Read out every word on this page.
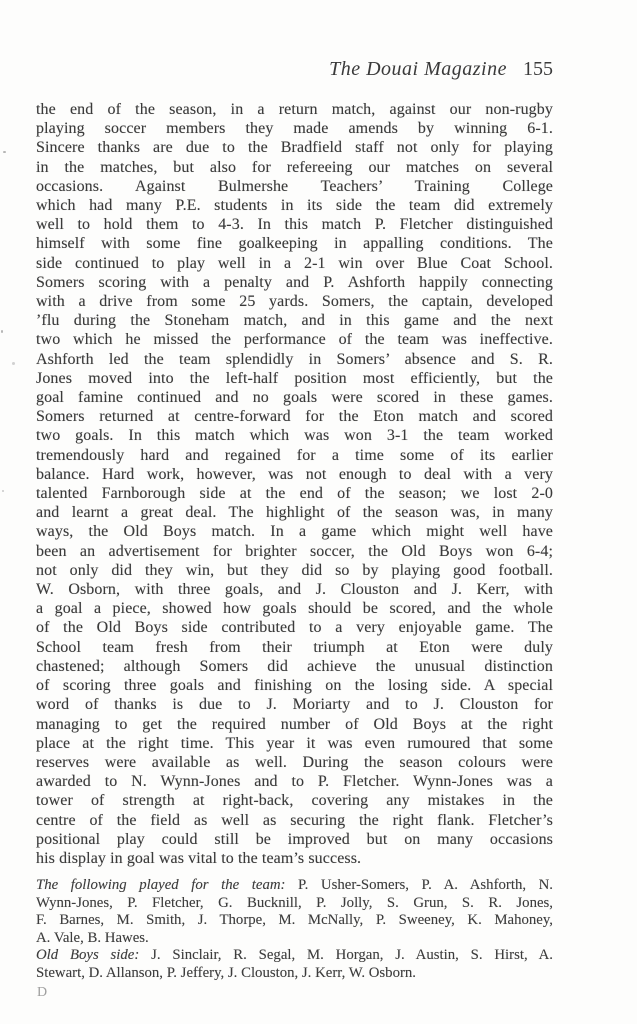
The Douai Magazine 155
the end of the season, in a return match, against our non-rugby
playing soccer members they made amends by winning 6-1.
Sincere thanks are due to the Bradfield staff not only for playing
in the matches, but also for refereeing our matches on several
occasions. Against Bulmershe Teachers’ Training College
which had many P.E. students in its side the team did extremely
well to hold them to 4-3. In this match P. Fletcher distinguished
himself with some fine goalkeeping in appalling conditions. The
side continued to play well in a 2-1 win over Blue Coat School.
Somers scoring with a penalty and P. Ashforth happily connecting
with a drive from some 25 yards. Somers, the captain, developed
’flu during the Stoneham match, and in this game and the next
two which he missed the performance of the team was ineffective.
Ashforth led the team splendidly in Somers’ absence and S. R.
Jones moved into the left-half position most efficiently, but the
goal famine continued and no goals were scored in these games.
Somers returned at centre-forward for the Eton match and scored
two goals. In this match which was won 3-1 the team worked
tremendously hard and regained for a time some of its earlier
balance. Hard work, however, was not enough to deal with a very
talented Farnborough side at the end of the season; we lost 2-0
and learnt a great deal. The highlight of the season was, in many
ways, the Old Boys match. In a game which might well have
been an advertisement for brighter soccer, the Old Boys won 6-4;
not only did they win, but they did so by playing good football.
W. Osborn, with three goals, and J. Clouston and J. Kerr, with
a goal a piece, showed how goals should be scored, and the whole
of the Old Boys side contributed to a very enjoyable game. The
School team fresh from their triumph at Eton were duly
chastened; although Somers did achieve the unusual distinction
of scoring three goals and finishing on the losing side. A special
word of thanks is due to J. Moriarty and to J. Clouston for
managing to get the required number of Old Boys at the right
place at the right time. This year it was even rumoured that some
reserves were available as well. During the season colours were
awarded to N. Wynn-Jones and to P. Fletcher. Wynn-Jones was a
tower of strength at right-back, covering any mistakes in the
centre of the field as well as securing the right flank. Fletcher’s
positional play could still be improved but on many occasions
his display in goal was vital to the team’s success.
The following played for the team: P. Usher-Somers, P. A. Ashforth, N.
Wynn-Jones, P. Fletcher, G. Bucknill, P. Jolly, S. Grun, S. R. Jones,
F. Barnes, M. Smith, J. Thorpe, M. McNally, P. Sweeney, K. Mahoney,
A. Vale, B. Hawes.
Old Boys side: J. Sinclair, R. Segal, M. Horgan, J. Austin, S. Hirst, A.
Stewart, D. Allanson, P. Jeffery, J. Clouston, J. Kerr, W. Osborn.
D
